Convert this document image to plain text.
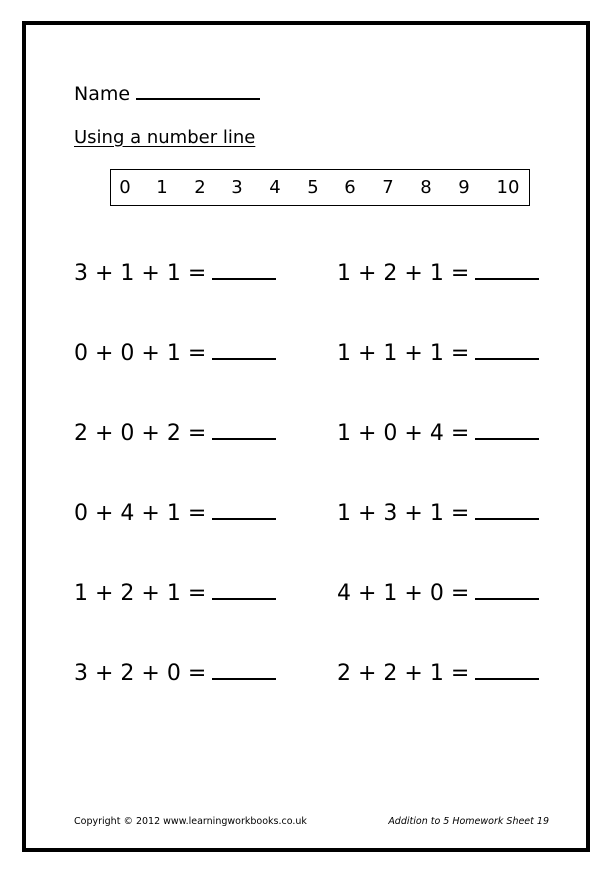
Name
Using a number line
0 1 2 3 4 5 6 7 8 9 10
3 + 1 + 1 =
0 + 0 + 1 =
2 + 0 + 2 =
0 + 4 + 1 =
1 + 2 + 1 =
3 + 2 + 0 =
1 + 2 + 1 =
1 + 1 + 1 =
1 + 0 + 4 =
1 + 3 + 1 =
4 + 1 + 0 =
2 + 2 + 1 =
Copyright © 2012 www.learningworkbooks.co.uk	Addition to 5 Homework Sheet 19
